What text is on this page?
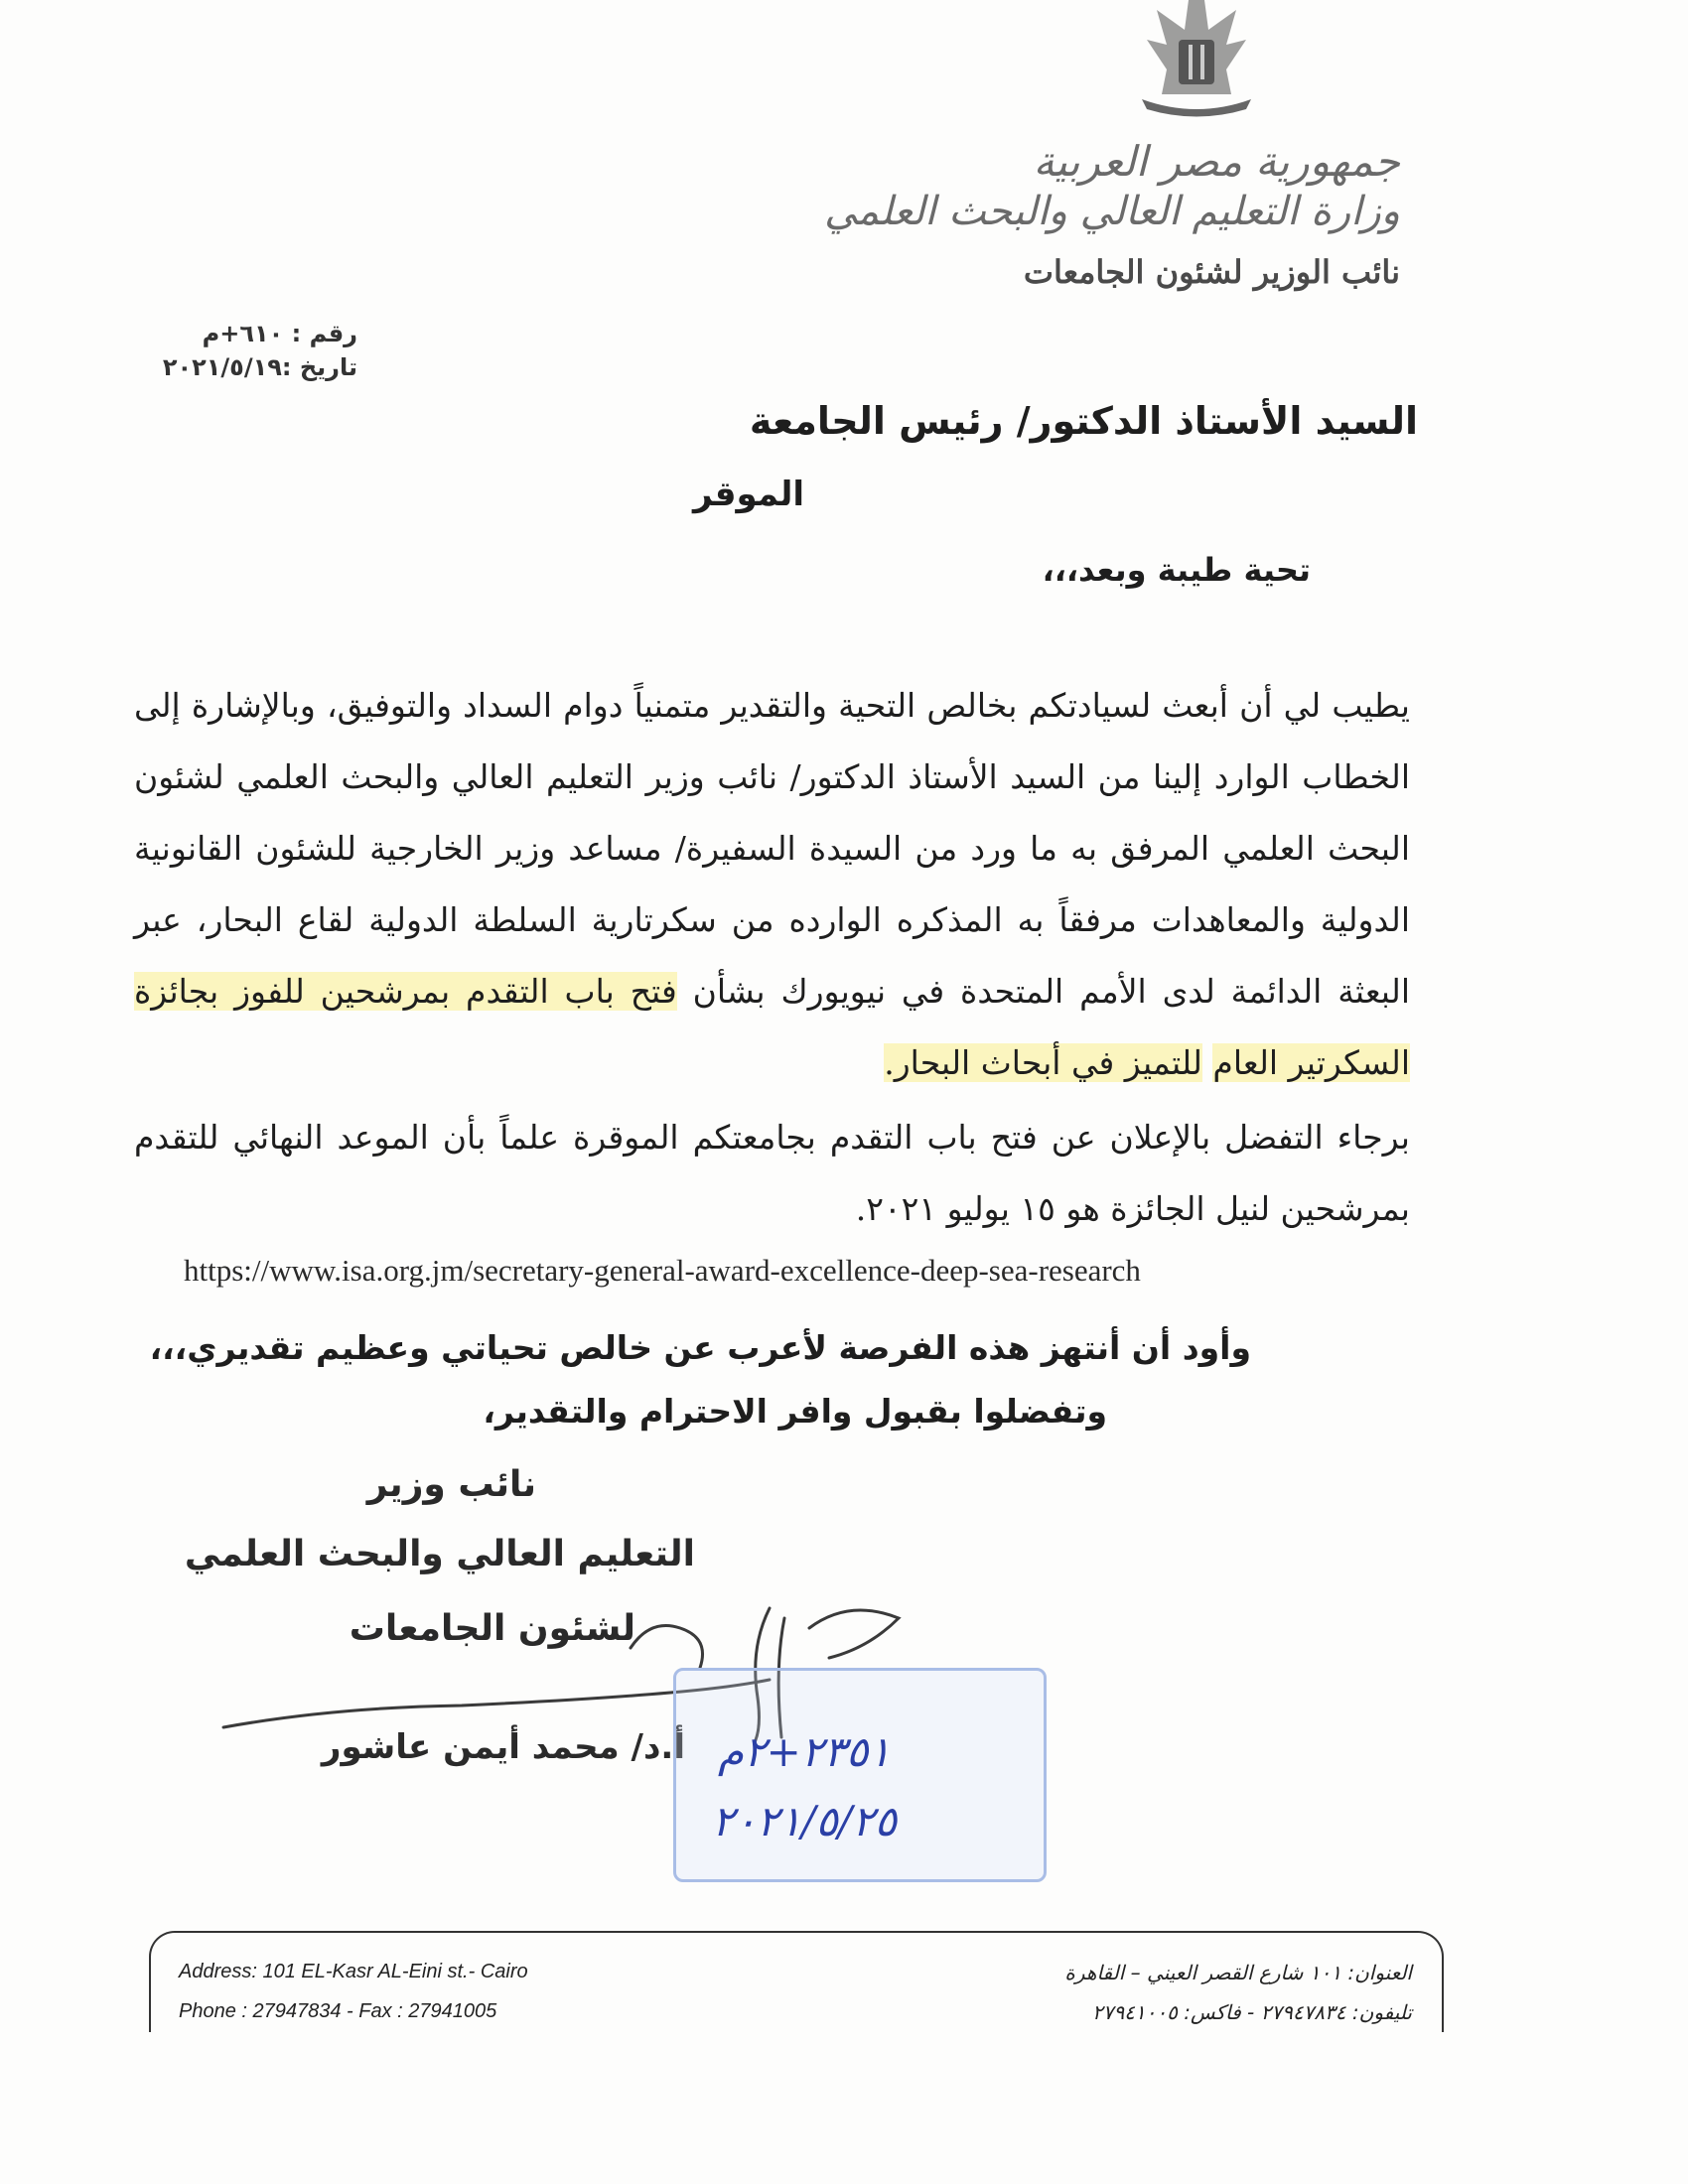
جمهورية مصر العربية
وزارة التعليم العالي والبحث العلمي
نائب الوزير لشئون الجامعات
رقم : ٦١٠+م
تاريخ :٢٠٢١/٥/١٩
السيد الأستاذ الدكتور/ رئيس الجامعة
الموقر
تحية طيبة وبعد،،،
يطيب لي أن أبعث لسيادتكم بخالص التحية والتقدير متمنياً دوام السداد والتوفيق، وبالإشارة إلى الخطاب الوارد إلينا من السيد الأستاذ الدكتور/ نائب وزير التعليم العالي والبحث العلمي لشئون البحث العلمي المرفق به ما ورد من السيدة السفيرة/ مساعد وزير الخارجية للشئون القانونية الدولية والمعاهدات مرفقاً به المذكره الوارده من سكرتارية السلطة الدولية لقاع البحار، عبر البعثة الدائمة لدى الأمم المتحدة في نيويورك بشأن فتح باب التقدم بمرشحين للفوز بجائزة السكرتير العام للتميز في أبحاث البحار.
برجاء التفضل بالإعلان عن فتح باب التقدم بجامعتكم الموقرة علماً بأن الموعد النهائي للتقدم بمرشحين لنيل الجائزة هو ١٥ يوليو ٢٠٢١.
https://www.isa.org.jm/secretary-general-award-excellence-deep-sea-research
وأود أن أنتهز هذه الفرصة لأعرب عن خالص تحياتي وعظيم تقديري،،،
وتفضلوا بقبول وافر الاحترام والتقدير،
نائب وزير
التعليم العالي والبحث العلمي
لشئون الجامعات
أ.د/ محمد أيمن عاشور ٢٣٥١+٢م
٢٠٢١/٥/٢٥
Address: 101 EL-Kasr AL-Eini st.- Cairo
Phone : 27947834 - Fax : 27941005
العنوان: ١٠١ شارع القصر العيني – القاهرة
تليفون: ٢٧٩٤٧٨٣٤ - فاكس: ٢٧٩٤١٠٠٥
